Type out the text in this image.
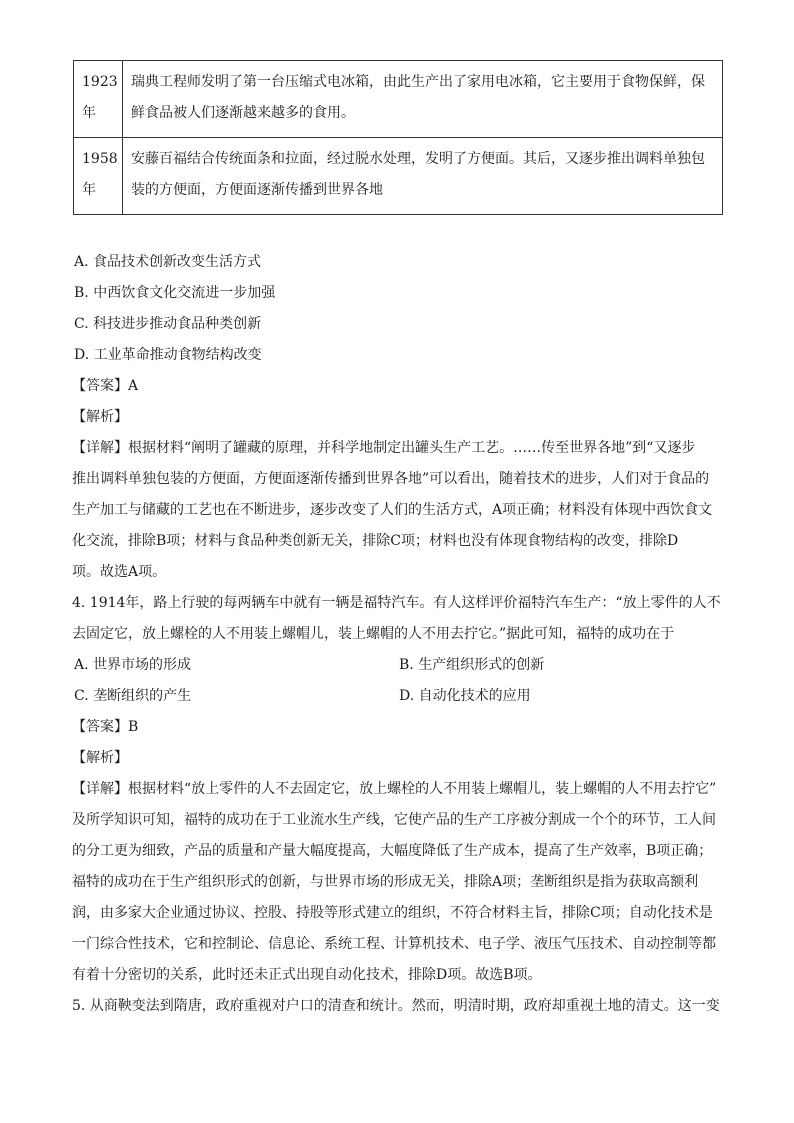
1923年	瑞典工程师发明了第一台压缩式电冰箱，由此生产出了家用电冰箱，它主要用于食物保鲜，保鲜食品被人们逐渐越来越多的食用。
1958年	安藤百福结合传统面条和拉面，经过脱水处理，发明了方便面。其后，又逐步推出调料单独包装的方便面，方便面逐渐传播到世界各地
A. 食品技术创新改变生活方式
B. 中西饮食文化交流进一步加强
C. 科技进步推动食品种类创新
D. 工业革命推动食物结构改变
【答案】A
【解析】
【详解】根据材料“阐明了罐藏的原理，并科学地制定出罐头生产工艺。……传至世界各地”到“又逐步
推出调料单独包装的方便面，方便面逐渐传播到世界各地”可以看出，随着技术的进步，人们对于食品的
生产加工与储藏的工艺也在不断进步，逐步改变了人们的生活方式，A项正确；材料没有体现中西饮食文
化交流，排除B项；材料与食品种类创新无关，排除C项；材料也没有体现食物结构的改变，排除D
项。故选A项。
4. 1914年，路上行驶的每两辆车中就有一辆是福特汽车。有人这样评价福特汽车生产：“放上零件的人不
去固定它，放上螺栓的人不用装上螺帽儿，装上螺帽的人不用去拧它。”据此可知，福特的成功在于
A. 世界市场的形成	B. 生产组织形式的创新
C. 垄断组织的产生	D. 自动化技术的应用
【答案】B
【解析】
【详解】根据材料“放上零件的人不去固定它，放上螺栓的人不用装上螺帽儿，装上螺帽的人不用去拧它”
及所学知识可知，福特的成功在于工业流水生产线，它使产品的生产工序被分割成一个个的环节，工人间
的分工更为细致，产品的质量和产量大幅度提高，大幅度降低了生产成本，提高了生产效率，B项正确；
福特的成功在于生产组织形式的创新，与世界市场的形成无关，排除A项；垄断组织是指为获取高额利
润，由多家大企业通过协议、控股、持股等形式建立的组织，不符合材料主旨，排除C项；自动化技术是
一门综合性技术，它和控制论、信息论、系统工程、计算机技术、电子学、液压气压技术、自动控制等都
有着十分密切的关系，此时还未正式出现自动化技术，排除D项。故选B项。
5. 从商鞅变法到隋唐，政府重视对户口的清查和统计。然而，明清时期，政府却重视土地的清丈。这一变
